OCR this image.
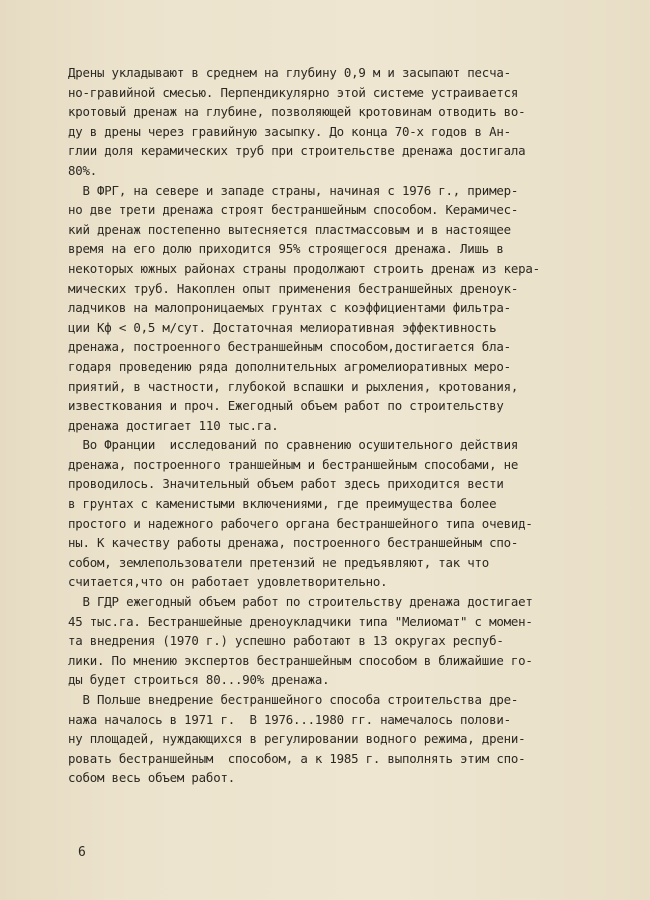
Дрены укладывают в среднем на глубину 0,9 м и засыпают песча-
но-гравийной смесью. Перпендикулярно этой системе устраивается
кротовый дренаж на глубине, позволяющей кротовинам отводить во-
ду в дрены через гравийную засыпку. До конца 70-х годов в Ан-
глии доля керамических труб при строительстве дренажа достигала
80%.
В ФРГ, на севере и западе страны, начиная с 1976 г., пример-
но две трети дренажа строят бестраншейным способом. Керамичес-
кий дренаж постепенно вытесняется пластмассовым и в настоящее
время на его долю приходится 95% строящегося дренажа. Лишь в
некоторых южных районах страны продолжают строить дренаж из кера-
мических труб. Накоплен опыт применения бестраншейных дреноук-
ладчиков на малопроницаемых грунтах с коэффициентами фильтра-
ции Кф < 0,5 м/сут. Достаточная мелиоративная эффективность
дренажа, построенного бестраншейным способом,достигается бла-
годаря проведению ряда дополнительных агромелиоративных меро-
приятий, в частности, глубокой вспашки и рыхления, кротования,
известкования и проч. Ежегодный объем работ по строительству
дренажа достигает 110 тыс.га.
Во Франции  исследований по сравнению осушительного действия
дренажа, построенного траншейным и бестраншейным способами, не
проводилось. Значительный объем работ здесь приходится вести
в грунтах с каменистыми включениями, где преимущества более
простого и надежного рабочего органа бестраншейного типа очевид-
ны. К качеству работы дренажа, построенного бестраншейным спо-
собом, землепользователи претензий не предъявляют, так что
считается,что он работает удовлетворительно.
В ГДР ежегодный объем работ по строительству дренажа достигает
45 тыс.га. Бестраншейные дреноукладчики типа "Мелиомат" с момен-
та внедрения (1970 г.) успешно работают в 13 округах респуб-
лики. По мнению экспертов бестраншейным способом в ближайшие го-
ды будет строиться 80...90% дренажа.
В Польше внедрение бестраншейного способа строительства дре-
нажа началось в 1971 г.  В 1976...1980 гг. намечалось полови-
ну площадей, нуждающихся в регулировании водного режима, дрени-
ровать бестраншейным  способом, а к 1985 г. выполнять этим спо-
собом весь объем работ.
6
